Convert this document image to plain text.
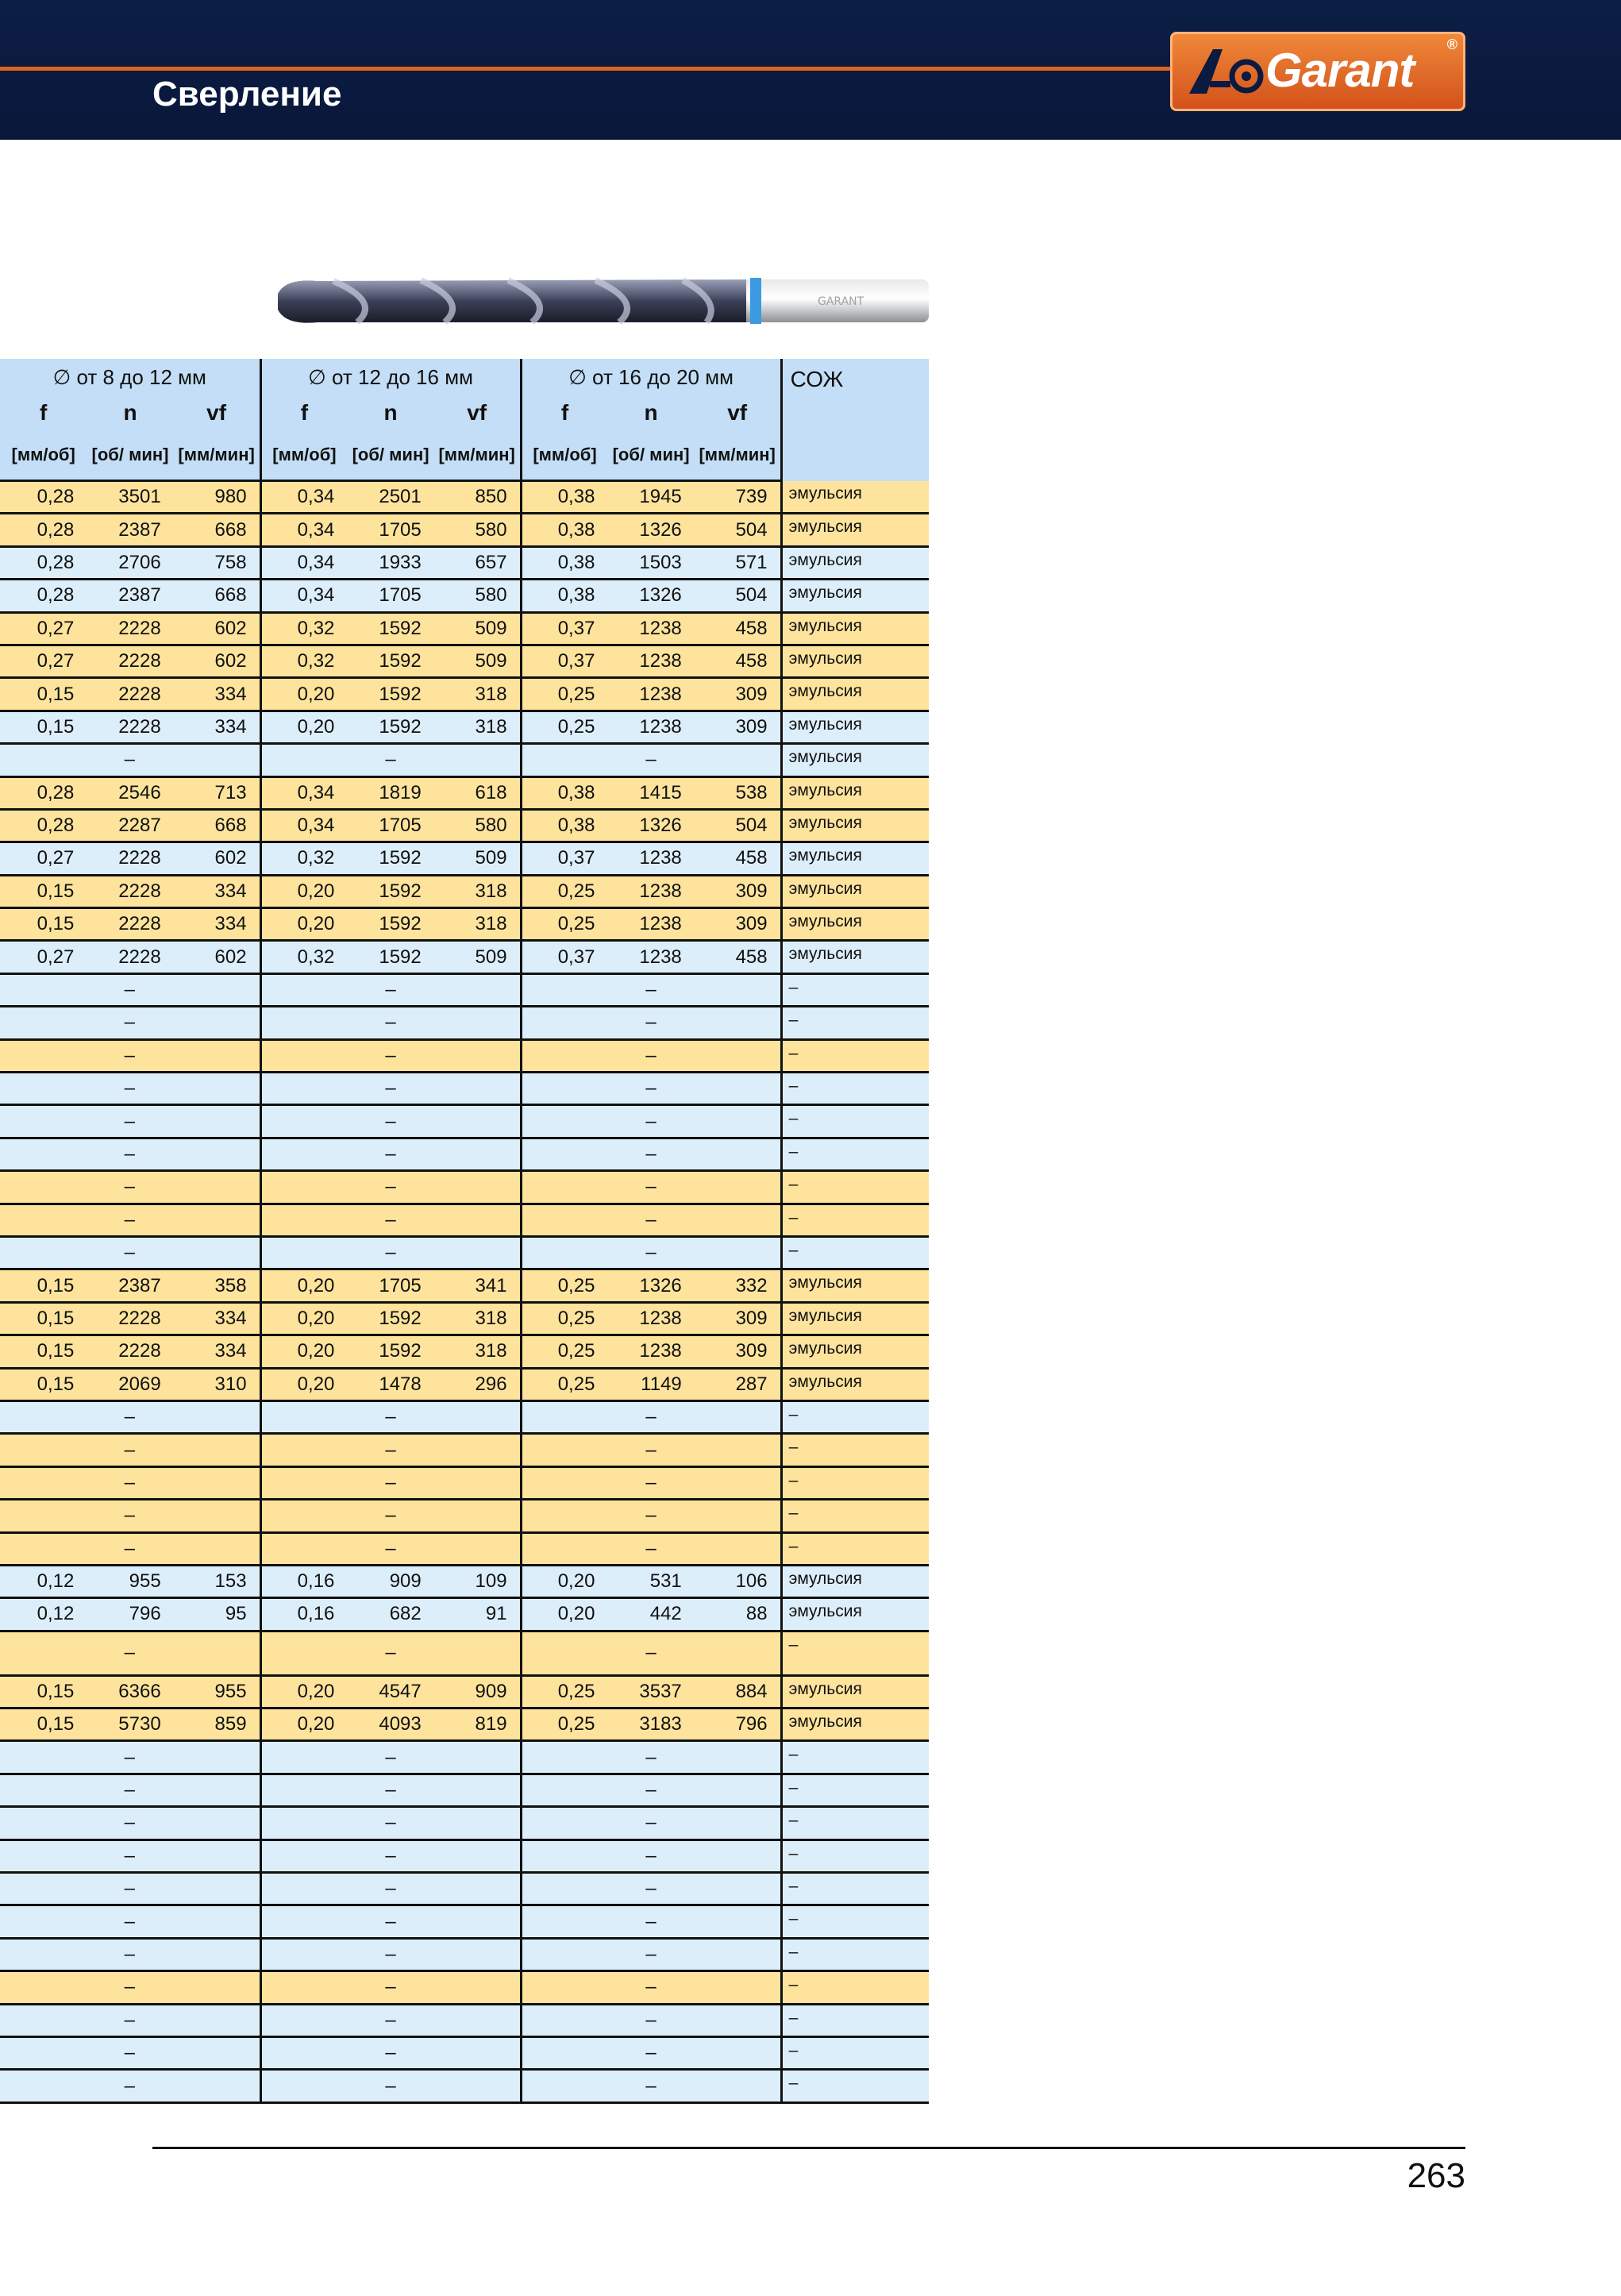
Сверление	Garant ®
GARANT
∅ от 8 до 12 мм			∅ от 12 до 16 мм			∅ от 16 до 20 мм			СОЖ
f	n	vf	f	n	vf	f	n	vf	
[мм/об]	[об/ мин]	[мм/мин]	[мм/об]	[об/ мин]	[мм/мин]	[мм/об]	[об/ мин]	[мм/мин]	
0,28	3501	980	0,34	2501	850	0,38	1945	739	эмульсия
0,28	2387	668	0,34	1705	580	0,38	1326	504	эмульсия
0,28	2706	758	0,34	1933	657	0,38	1503	571	эмульсия
0,28	2387	668	0,34	1705	580	0,38	1326	504	эмульсия
0,27	2228	602	0,32	1592	509	0,37	1238	458	эмульсия
0,27	2228	602	0,32	1592	509	0,37	1238	458	эмульсия
0,15	2228	334	0,20	1592	318	0,25	1238	309	эмульсия
0,15	2228	334	0,20	1592	318	0,25	1238	309	эмульсия
–			–			–			эмульсия
0,28	2546	713	0,34	1819	618	0,38	1415	538	эмульсия
0,28	2287	668	0,34	1705	580	0,38	1326	504	эмульсия
0,27	2228	602	0,32	1592	509	0,37	1238	458	эмульсия
0,15	2228	334	0,20	1592	318	0,25	1238	309	эмульсия
0,15	2228	334	0,20	1592	318	0,25	1238	309	эмульсия
0,27	2228	602	0,32	1592	509	0,37	1238	458	эмульсия
–			–			–			–
–			–			–			–
–			–			–			–
–			–			–			–
–			–			–			–
–			–			–			–
–			–			–			–
–			–			–			–
–			–			–			–
0,15	2387	358	0,20	1705	341	0,25	1326	332	эмульсия
0,15	2228	334	0,20	1592	318	0,25	1238	309	эмульсия
0,15	2228	334	0,20	1592	318	0,25	1238	309	эмульсия
0,15	2069	310	0,20	1478	296	0,25	1149	287	эмульсия
–			–			–			–
–			–			–			–
–			–			–			–
–			–			–			–
–			–			–			–
0,12	955	153	0,16	909	109	0,20	531	106	эмульсия
0,12	796	95	0,16	682	91	0,20	442	88	эмульсия
–			–			–			–
0,15	6366	955	0,20	4547	909	0,25	3537	884	эмульсия
0,15	5730	859	0,20	4093	819	0,25	3183	796	эмульсия
–			–			–			–
–			–			–			–
–			–			–			–
–			–			–			–
–			–			–			–
–			–			–			–
–			–			–			–
–			–			–			–
–			–			–			–
–			–			–			–
–			–			–			–
263
